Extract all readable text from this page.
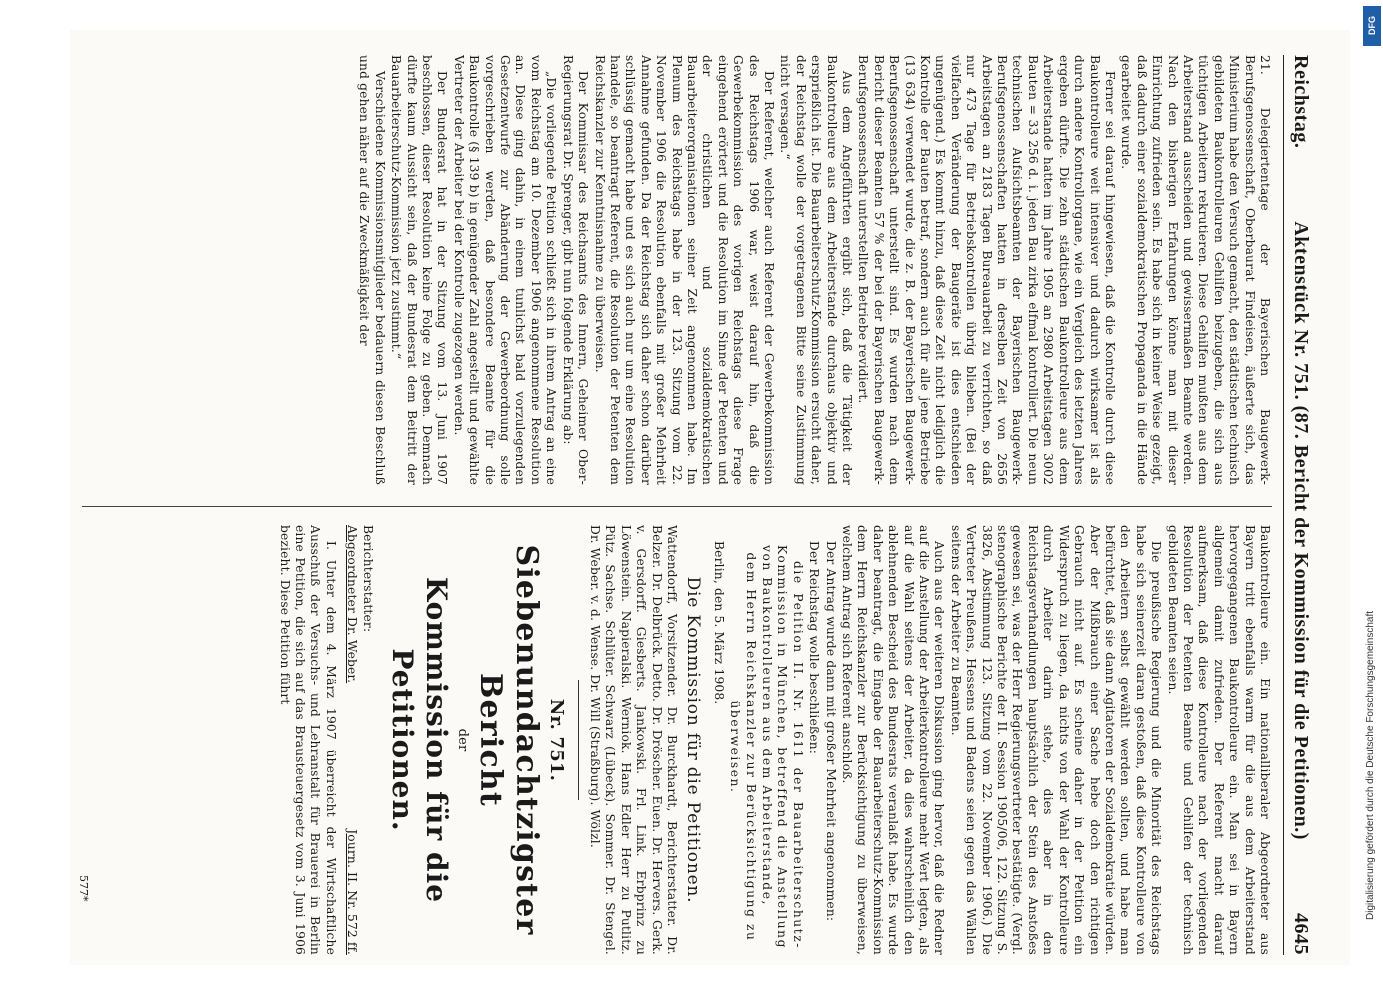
Reichstag.
Aktenstück Nr. 751. (87. Bericht der Kommission für die Petitionen.)
4645

21. Delegiertentage der Bayerischen Baugewerk-Berufsgenossenschaft, Oberbaurat Findeisen, äußerte sich, das Ministerium habe den Versuch gemacht, den städtischen technisch gebildeten Baukontrolleuren Gehilfen beizugeben, die sich aus tüchtigen Arbeitern rekrutieren. Diese Gehilfen mußten aus dem Arbeiterstand ausscheiden und gewissermaßen Beamte werden. Nach den bisherigen Erfahrungen könne man mit dieser Einrichtung zufrieden sein. Es habe sich in keiner Weise gezeigt, daß dadurch einer sozialdemokratischen Propaganda in die Hände gearbeitet wurde.

Ferner sei darauf hingewiesen, daß die Kontrolle durch diese Baukontrolleure weit intensiver und dadurch wirksamer ist als durch andere Kontrollorgane, wie ein Vergleich des letzten Jahres ergeben dürfte. Die zehn städtischen Baukontrolleure aus dem Arbeiterstande hatten im Jahre 1905 an 2980 Arbeitstagen 3002 Bauten = 33 256 d. i. jeden Bau zirka elfmal kontrolliert. Die neun technischen Aufsichtsbeamten der Bayerischen Baugewerk-Berufsgenossenschaften hatten in derselben Zeit von 2656 Arbeitstagen an 2183 Tagen Bureauarbeit zu verrichten, so daß nur 473 Tage für Betriebskontrollen übrig blieben. (Bei der vielfachen Veränderung der Baugeräte ist dies entschieden ungenügend.) Es kommt hinzu, daß diese Zeit nicht lediglich die Kontrolle der Bauten betraf, sondern auch für alle jene Betriebe (13 634) verwendet wurde, die z. B. der Bayerischen Baugewerk-Berufsgenossenschaft unterstellt sind. Es wurden nach dem Bericht dieser Beamten 57 % der bei der Bayerischen Baugewerk-Berufsgenossenschaft unterstellten Betriebe revidiert.

Aus dem Angeführten ergibt sich, daß die Tätigkeit der Baukontrolleure aus dem Arbeiterstande durchaus objektiv und ersprießlich ist. Die Bauarbeiterschutz-Kommission ersucht daher, der Reichstag wolle der vorgetragenen Bitte seine Zustimmung nicht versagen.“

Der Referent, welcher auch Referent der Gewerbekommission des Reichstags 1906 war, weist darauf hin, daß die Gewerbekommission des vorigen Reichstags diese Frage eingehend erörtert und die Resolution im Sinne der Petenten und der christlichen und sozialdemokratischen Bauarbeiterorganisationen seiner Zeit angenommen habe. Im Plenum des Reichstags habe in der 123. Sitzung vom 22. November 1906 die Resolution ebenfalls mit großer Mehrheit Annahme gefunden. Da der Reichstag sich daher schon darüber schlüssig gemacht habe und es sich auch nur um eine Resolution handele, so beantragt Referent, die Resolution der Petenten dem Reichskanzler zur Kenntnisnahme zu überweisen.

Der Kommissar des Reichsamts des Innern, Geheimer Ober-Regierungsrat Dr. Sprenger, gibt nun folgende Erklärung ab:

„Die vorliegende Petition schließt sich in ihrem Antrag an eine vom Reichstag am 10. Dezember 1906 angenommene Resolution an. Diese ging dahin, in einem tunlichst bald vorzulegenden Gesetzentwurfe zur Abänderung der Gewerbeordnung solle vorgeschrieben werden, daß besondere Beamte für die Baukontrolle (§ 139 b) in genügender Zahl angestellt und gewählte Vertreter der Arbeiter bei der Kontrolle zugezogen werden.

Der Bundesrat hat in der Sitzung vom 13. Juni 1907 beschlossen, dieser Resolution keine Folge zu geben. Demnach dürfte kaum Aussicht sein, daß der Bundesrat dem Beitritt der Bauarbeiterschutz-Kommission jetzt zustimmt.“

Verschiedene Kommissionsmitglieder bedauern diesen Beschluß und gehen näher auf die Zweckmäßigkeit der

Baukontrolleure ein. Ein nationalliberaler Abgeordneter aus Bayern tritt ebenfalls warm für die aus dem Arbeiterstand hervorgegangenen Baukontrolleure ein. Man sei in Bayern allgemein damit zufrieden. Der Referent macht darauf aufmerksam, daß diese Kontrolleure nach der vorliegenden Resolution der Petenten Beamte und Gehilfen der technisch gebildeten Beamten seien.

Die preußische Regierung und die Minorität des Reichstags habe sich seinerzeit daran gestoßen, daß diese Kontrolleure von den Arbeitern selbst gewählt werden sollten, und habe man befürchtet, daß sie dann Agitatoren der Sozialdemokratie würden. Aber der Mißbrauch einer Sache hebe doch den richtigen Gebrauch nicht auf. Es scheine daher in der Petition ein Widerspruch zu liegen, da nichts von der Wahl der Kontrolleure durch Arbeiter darin stehe, dies aber in den Reichstagsverhandlungen hauptsächlich der Stein des Anstoßes gewesen sei, was der Herr Regierungsvertreter bestätigte. (Vergl. stenographische Berichte der II. Session 1905/06, 122. Sitzung S. 3826, Abstimmung 123. Sitzung vom 22. November 1906.) Die Vertreter Preußens, Hessens und Badens seien gegen das Wählen seitens der Arbeiter zu Beamten.

Auch aus der weiteren Diskussion ging hervor, daß die Redner auf die Anstellung der Arbeiterkontrolleure mehr Wert legten, als auf die Wahl seitens der Arbeiter, da dies wahrscheinlich den ablehnenden Bescheid des Bundesrats veranlaßt habe. Es wurde daher beantragt, die Eingabe der Bauarbeiterschutz-Kommission dem Herrn Reichskanzler zur Berücksichtigung zu überweisen, welchem Antrag sich Referent anschloß.

Der Antrag wurde dann mit großer Mehrheit angenommen:

Der Reichstag wolle beschließen:

die Petition II. Nr. 1611 der Bauarbeiterschutz-Kommission in München, betreffend die Anstellung von Baukontrolleuren aus dem Arbeiterstande,

dem Herrn Reichskanzler zur Berücksichtigung zu überweisen.

Berlin, den 5. März 1908.

Die Kommission für die Petitionen.

Wattendorff, Vorsitzender. Dr. Burckhardt, Berichterstatter. Dr. Belzer. Dr. Delbrück. Detto. Dr. Dröscher. Euen. Dr. Hervers. Gerk. v. Gersdorff. Giesberts. Jankowski. Frl. Link. Erbprinz zu Löwenstein. Napieralski. Werniok. Hans Edler Herr zu Putlitz. Pütz. Sachse. Schlüter. Schwarz (Lübeck). Sommer. Dr. Stengel. Dr. Weber. v. d. Wense. Dr. Will (Straßburg). Wölzl.

Nr. 751.
Siebenundachtzigster Bericht
der
Kommission für die Petitionen.
Berichterstatter:
Abgeordneter Dr. Weber.
Journ. II. Nr. 572 ff.

I. Unter dem 4. März 1907 überreicht der Wirtschaftliche Ausschuß der Versuchs- und Lehranstalt für Brauerei in Berlin eine Petition, die sich auf das Brausteuergesetz vom 3. Juni 1906 bezieht. Diese Petition führt

577*
DFG
Digitalisierung gefördert durch die Deutsche Forschungsgemeinschaft
